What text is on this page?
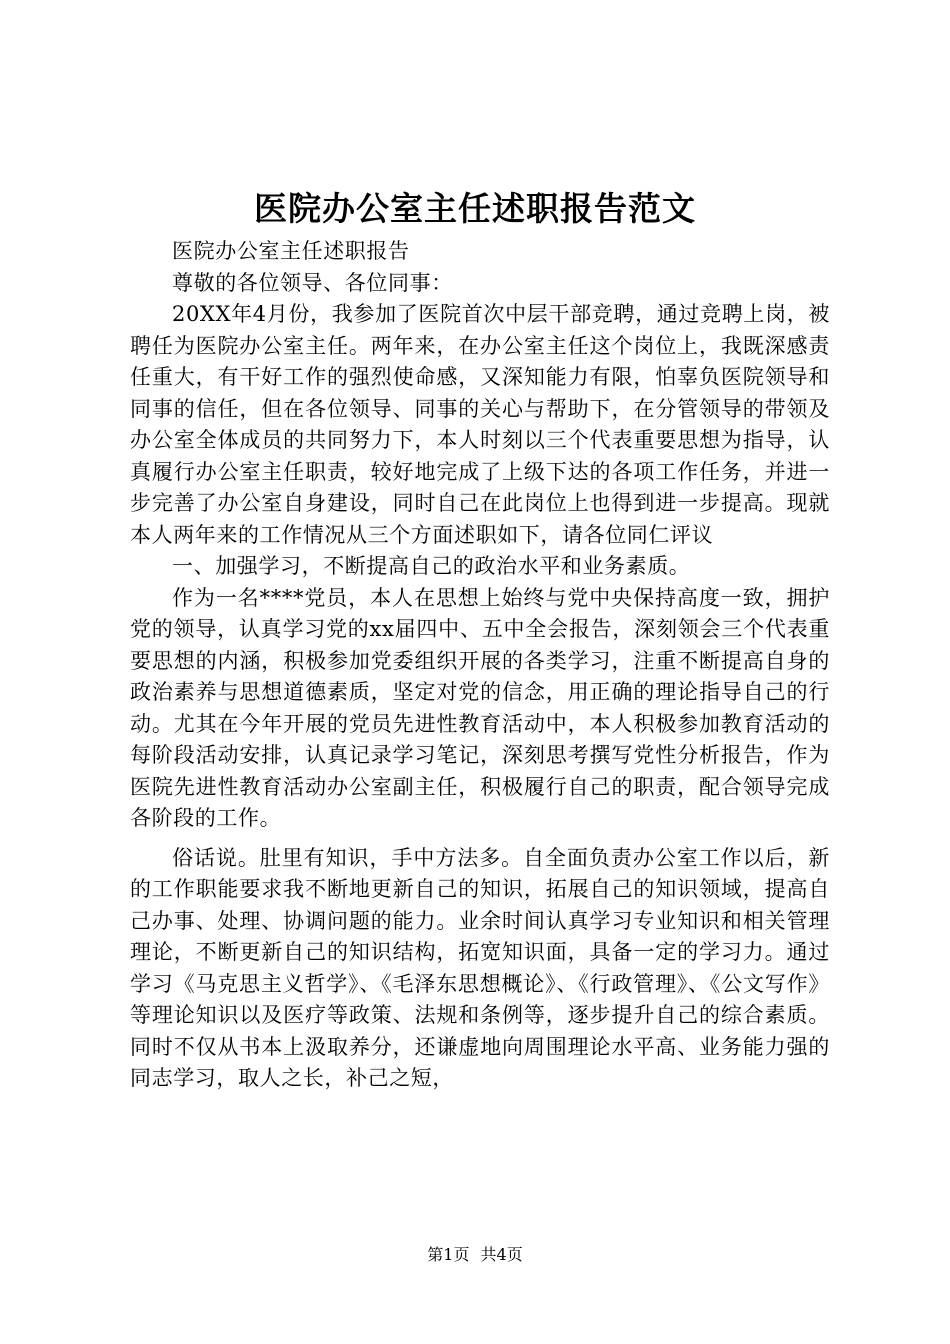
医院办公室主任述职报告范文

医院办公室主任述职报告

尊敬的各位领导、各位同事：

20XX年4月份，我参加了医院首次中层干部竞聘，通过竞聘上岗，被聘任为医院办公室主任。两年来，在办公室主任这个岗位上，我既深感责任重大，有干好工作的强烈使命感，又深知能力有限，怕辜负医院领导和同事的信任，但在各位领导、同事的关心与帮助下，在分管领导的带领及办公室全体成员的共同努力下，本人时刻以三个代表重要思想为指导，认真履行办公室主任职责，较好地完成了上级下达的各项工作任务，并进一步完善了办公室自身建设，同时自己在此岗位上也得到进一步提高。现就本人两年来的工作情况从三个方面述职如下，请各位同仁评议

一、加强学习，不断提高自己的政治水平和业务素质。

作为一名****党员，本人在思想上始终与党中央保持高度一致，拥护党的领导，认真学习党的xx届四中、五中全会报告，深刻领会三个代表重要思想的内涵，积极参加党委组织开展的各类学习，注重不断提高自身的政治素养与思想道德素质，坚定对党的信念，用正确的理论指导自己的行动。尤其在今年开展的党员先进性教育活动中，本人积极参加教育活动的每阶段活动安排，认真记录学习笔记，深刻思考撰写党性分析报告，作为医院先进性教育活动办公室副主任，积极履行自己的职责，配合领导完成各阶段的工作。

俗话说。肚里有知识，手中方法多。自全面负责办公室工作以后，新的工作职能要求我不断地更新自己的知识，拓展自己的知识领域，提高自己办事、处理、协调问题的能力。业余时间认真学习专业知识和相关管理理论，不断更新自己的知识结构，拓宽知识面，具备一定的学习力。通过学习《马克思主义哲学》、《毛泽东思想概论》、《行政管理》、《公文写作》等理论知识以及医疗等政策、法规和条例等，逐步提升自己的综合素质。同时不仅从书本上汲取养分，还谦虚地向周围理论水平高、业务能力强的同志学习，取人之长，补己之短，

第1页 共4页
